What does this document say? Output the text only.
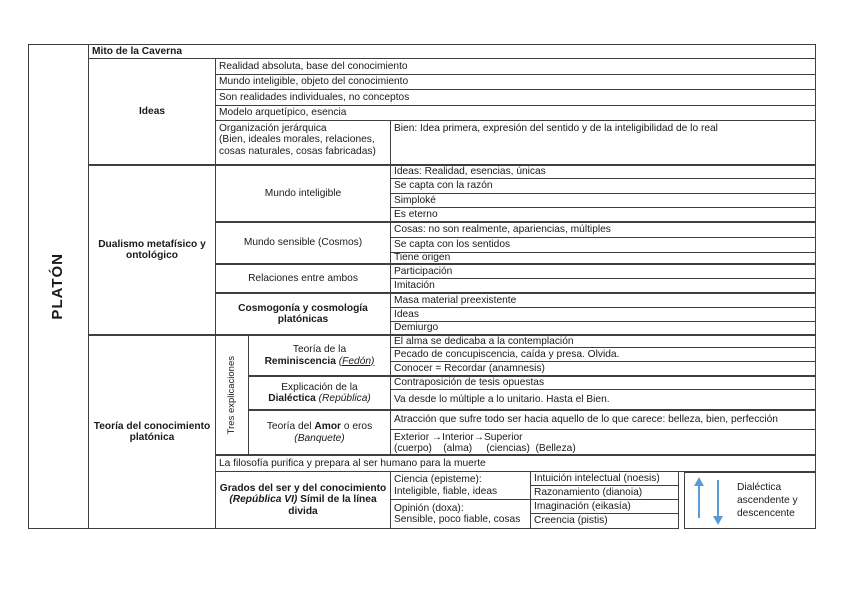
PLATÓN
Mito de la Caverna
Ideas
Realidad absoluta, base del conocimiento
Mundo inteligible, objeto del conocimiento
Son realidades individuales, no conceptos
Modelo arquetípico, esencia
Organización jerárquica
(Bien, ideales morales, relaciones, cosas naturales, cosas fabricadas)
Bien: Idea primera, expresión del sentido y de la inteligibilidad de lo real
Dualismo metafísico y ontológico
Mundo inteligible
Ideas: Realidad, esencias, únicas
Se capta con la razón
Simploké
Es eterno
Mundo sensible (Cosmos)
Cosas: no son realmente, apariencias, múltiples
Se capta con los sentidos
Tiene origen
Relaciones entre ambos
Participación
Imitación
Cosmogonía y cosmología platónicas
Masa material preexistente
Ideas
Demiurgo
Teoría del conocimiento platónica
Tres explicaciones
Teoría de la
Reminiscencia (Fedón)
El alma se dedicaba a la contemplación
Pecado de concupiscencia, caída y presa. Olvida.
Conocer = Recordar (anamnesis)
Explicación de la
Dialéctica (República)
Contraposición de tesis opuestas
Va desde lo múltiple a lo unitario. Hasta el Bien.
Teoría del Amor o eros
(Banquete)
Atracción que sufre todo ser hacia aquello de lo que carece: belleza, bien, perfección
Exterior →Interior→Superior
(cuerpo)    (alma)     (ciencias)  (Belleza)
La filosofía purifica y prepara al ser humano para la muerte
Grados del ser y del conocimiento
(República VI) Símil de la línea divida
Ciencia (episteme):
Inteligible, fiable, ideas
Opinión (doxa):
Sensible, poco fiable, cosas
Intuición intelectual (noesis)
Razonamiento (dianoia)
Imaginación (eikasía)
Creencia (pistis)
Dialéctica
ascendente y
descencente
